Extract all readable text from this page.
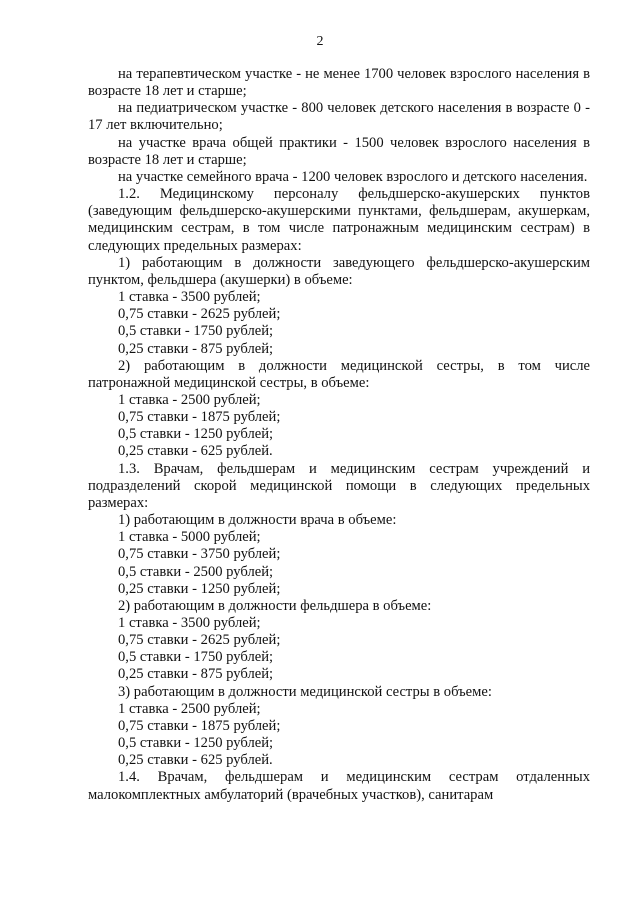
2

на терапевтическом участке - не менее 1700 человек взрослого населения в возрасте 18 лет и старше;

на педиатрическом участке - 800 человек детского населения в возрасте 0 - 17 лет включительно;

на участке врача общей практики - 1500 человек взрослого населения в возрасте 18 лет и старше;

на участке семейного врача - 1200 человек взрослого и детского населения.

1.2. Медицинскому персоналу фельдшерско-акушерских пунктов (заведующим фельдшерско-акушерскими пунктами, фельдшерам, акушеркам, медицинским сестрам, в том числе патронажным медицинским сестрам) в следующих предельных размерах:

1) работающим в должности заведующего фельдшерско-акушерским пунктом, фельдшера (акушерки) в объеме:

1 ставка - 3500 рублей;

0,75 ставки - 2625 рублей;

0,5 ставки - 1750 рублей;

0,25 ставки - 875 рублей;

2) работающим в должности медицинской сестры, в том числе патронажной медицинской сестры, в объеме:

1 ставка - 2500 рублей;

0,75 ставки - 1875 рублей;

0,5 ставки - 1250 рублей;

0,25 ставки - 625 рублей.

1.3. Врачам, фельдшерам и медицинским сестрам учреждений и подразделений скорой медицинской помощи в следующих предельных размерах:

1) работающим в должности врача в объеме:

1 ставка - 5000 рублей;

0,75 ставки - 3750 рублей;

0,5 ставки - 2500 рублей;

0,25 ставки - 1250 рублей;

2) работающим в должности фельдшера в объеме:

1 ставка - 3500 рублей;

0,75 ставки - 2625 рублей;

0,5 ставки - 1750 рублей;

0,25 ставки - 875 рублей;

3) работающим в должности медицинской сестры в объеме:

1 ставка - 2500 рублей;

0,75 ставки - 1875 рублей;

0,5 ставки - 1250 рублей;

0,25 ставки - 625 рублей.

1.4. Врачам, фельдшерам и медицинским сестрам отдаленных малокомплектных амбулаторий (врачебных участков), санитарам
